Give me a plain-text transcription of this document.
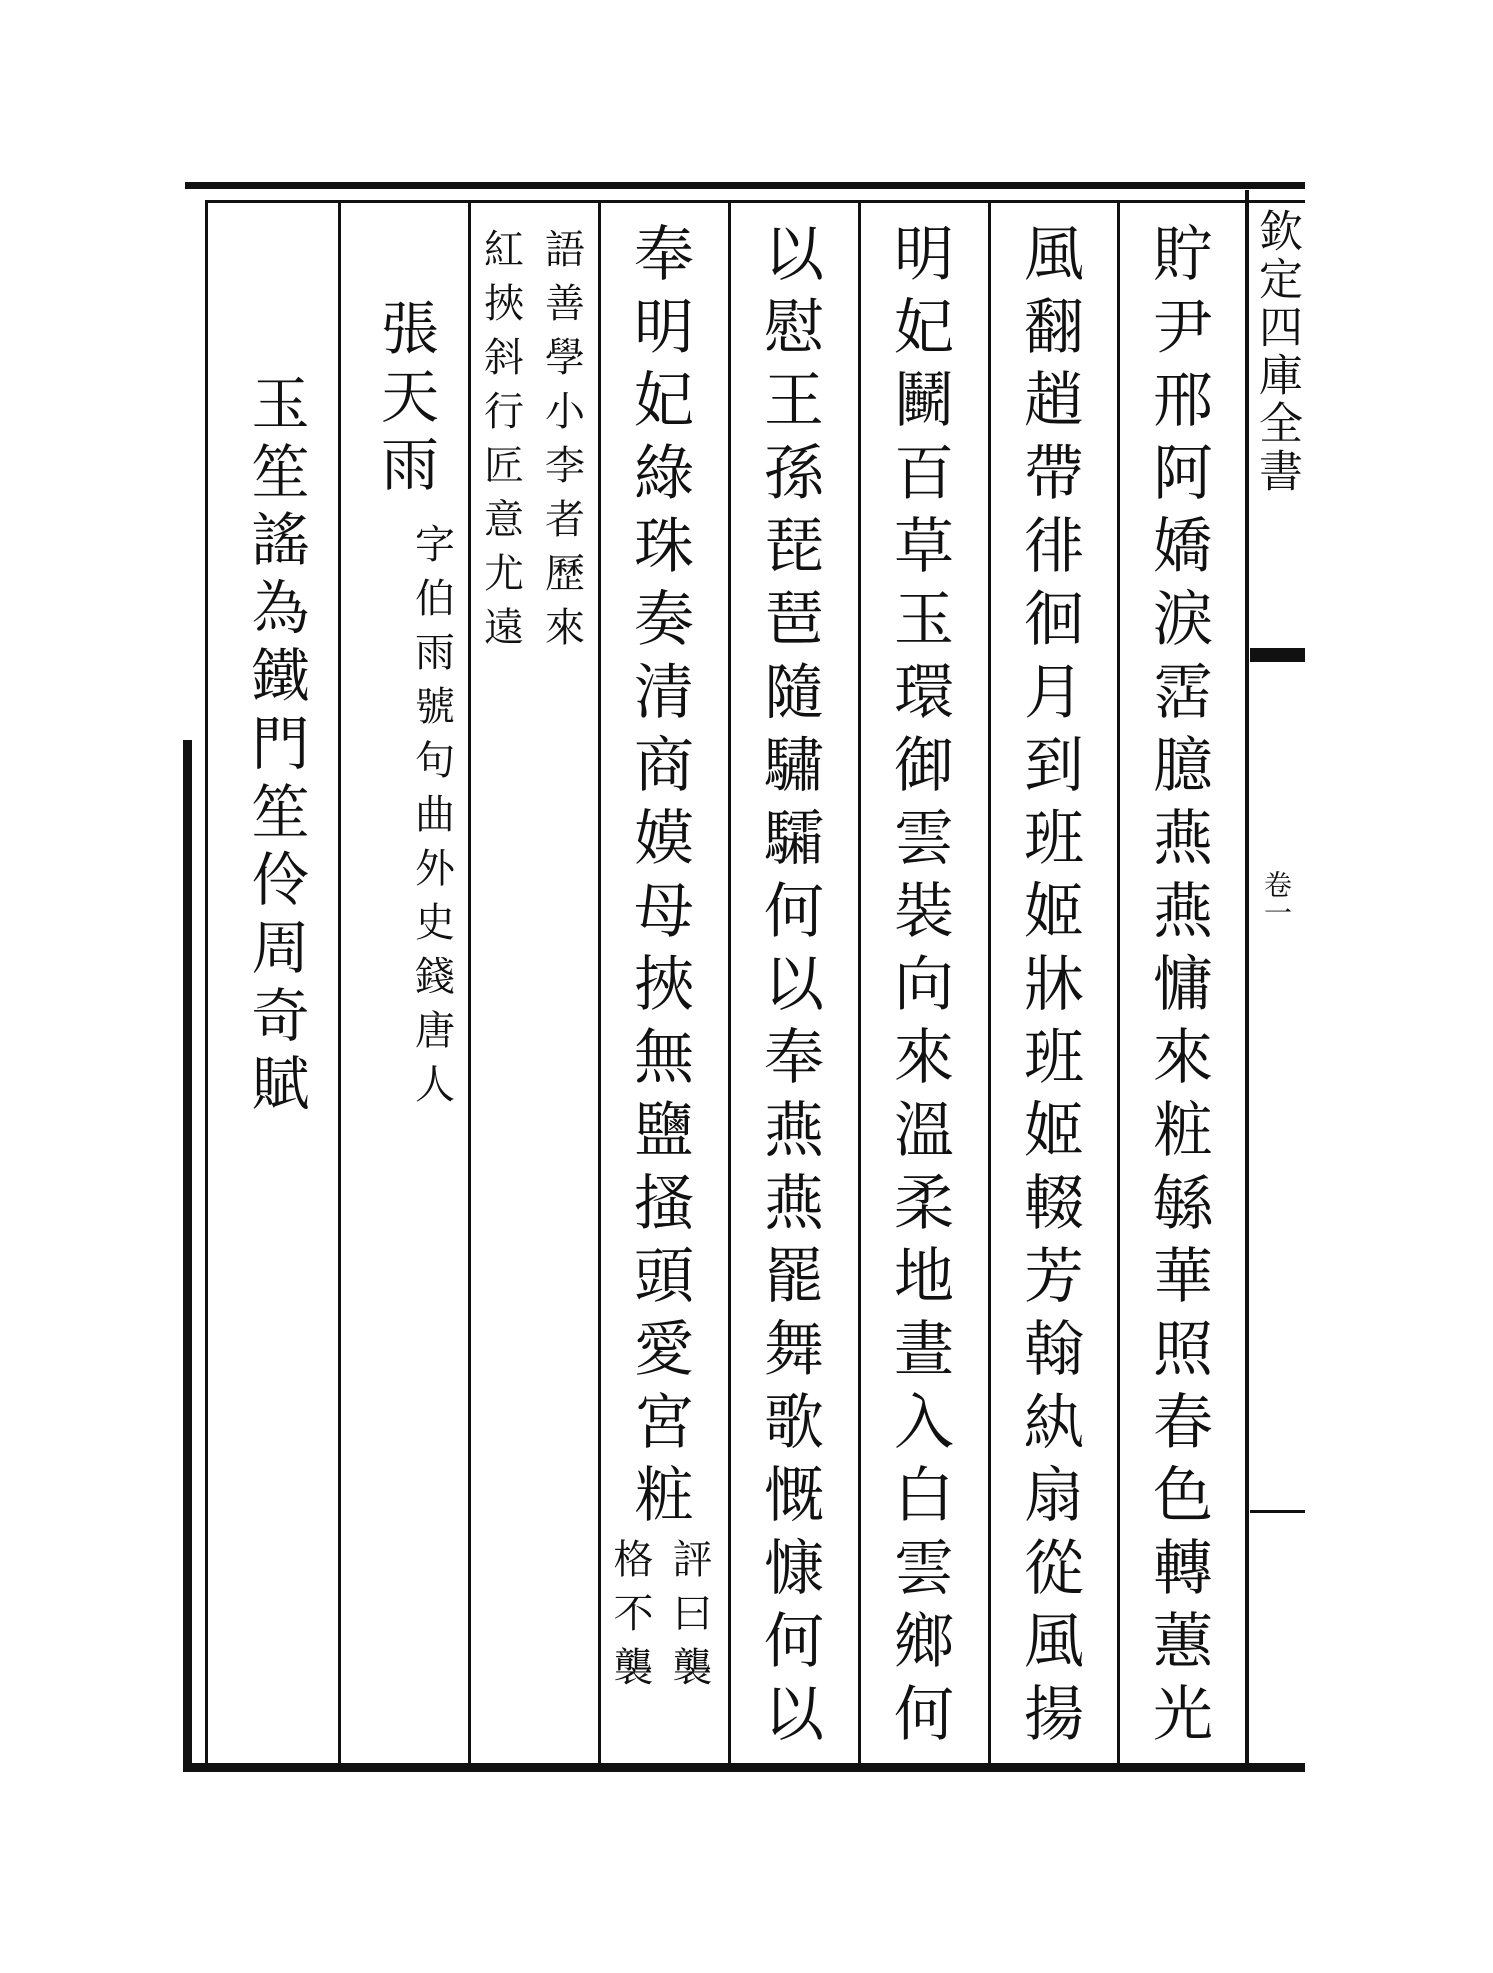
欽定四庫全書
卷一
貯
尹
邢
阿
嬌
淚
霑
臆
燕
燕
慵
來
粧
緐
華
照
春
色
轉
蕙
光
風
翻
趙
帶
徘
徊
月
到
班
姬
牀
班
姬
輟
芳
翰
紈
扇
從
風
揚
明
妃
鬭
百
草
玉
環
御
雲
裝
向
來
溫
柔
地
晝
入
白
雲
鄉
何
以
慰
王
孫
琵
琶
隨
驌
驦
何
以
奉
燕
燕
罷
舞
歌
慨
慷
何
以
奉
明
妃
綠
珠
奏
清
商
嫫
母
挾
無
鹽
搔
頭
愛
宮
粧
評
曰
襲
格
不
襲
語
善
學
小
李
者
歷
來
紅
挾
斜
行
匠
意
尤
遠
張
天
雨
字
伯
雨
號
句
曲
外
史
錢
唐
人
玉
笙
謠
為
鐵
門
笙
伶
周
奇
賦
